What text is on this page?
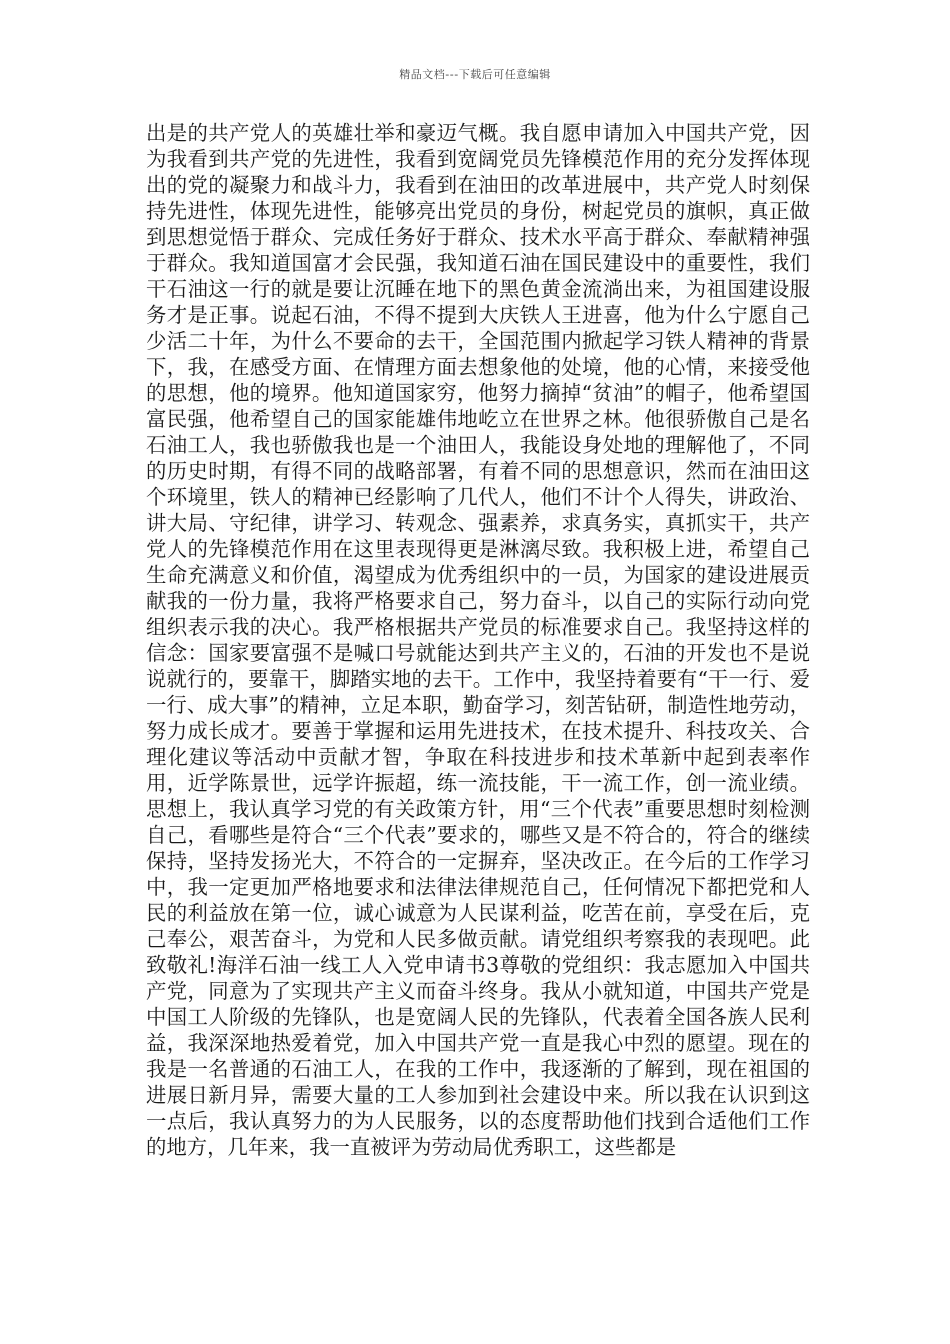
精品文档---下载后可任意编辑

出是的共产党人的英雄壮举和豪迈气概。我自愿申请加入中国共产党，因为我看到共产党的先进性，我看到宽阔党员先锋模范作用的充分发挥体现出的党的凝聚力和战斗力，我看到在油田的改革进展中，共产党人时刻保持先进性，体现先进性，能够亮出党员的身份，树起党员的旗帜，真正做到思想觉悟于群众、完成任务好于群众、技术水平高于群众、奉献精神强于群众。我知道国富才会民强，我知道石油在国民建设中的重要性，我们干石油这一行的就是要让沉睡在地下的黑色黄金流淌出来，为祖国建设服务才是正事。说起石油，不得不提到大庆铁人王进喜，他为什么宁愿自己少活二十年，为什么不要命的去干，全国范围内掀起学习铁人精神的背景下，我，在感受方面、在情理方面去想象他的处境，他的心情，来接受他的思想，他的境界。他知道国家穷，他努力摘掉“贫油”的帽子，他希望国富民强，他希望自己的国家能雄伟地屹立在世界之林。他很骄傲自己是名石油工人，我也骄傲我也是一个油田人，我能设身处地的理解他了，不同的历史时期，有得不同的战略部署，有着不同的思想意识，然而在油田这个环境里，铁人的精神已经影响了几代人，他们不计个人得失，讲政治、讲大局、守纪律，讲学习、转观念、强素养，求真务实，真抓实干，共产党人的先锋模范作用在这里表现得更是淋漓尽致。我积极上进，希望自己生命充满意义和价值，渴望成为优秀组织中的一员，为国家的建设进展贡献我的一份力量，我将严格要求自己，努力奋斗，以自己的实际行动向党组织表示我的决心。我严格根据共产党员的标准要求自己。我坚持这样的信念：国家要富强不是喊口号就能达到共产主义的，石油的开发也不是说说就行的，要靠干，脚踏实地的去干。工作中，我坚持着要有“干一行、爱一行、成大事”的精神，立足本职，勤奋学习，刻苦钻研，制造性地劳动，努力成长成才。要善于掌握和运用先进技术，在技术提升、科技攻关、合理化建议等活动中贡献才智，争取在科技进步和技术革新中起到表率作用，近学陈景世，远学许振超，练一流技能，干一流工作，创一流业绩。思想上，我认真学习党的有关政策方针，用“三个代表”重要思想时刻检测自己，看哪些是符合“三个代表”要求的，哪些又是不符合的，符合的继续保持，坚持发扬光大，不符合的一定摒弃，坚决改正。在今后的工作学习中，我一定更加严格地要求和法律法律规范自己，任何情况下都把党和人民的利益放在第一位，诚心诚意为人民谋利益，吃苦在前，享受在后，克己奉公，艰苦奋斗，为党和人民多做贡献。请党组织考察我的表现吧。此致敬礼!海洋石油一线工人入党申请书3尊敬的党组织：我志愿加入中国共产党，同意为了实现共产主义而奋斗终身。我从小就知道，中国共产党是中国工人阶级的先锋队，也是宽阔人民的先锋队，代表着全国各族人民利益，我深深地热爱着党，加入中国共产党一直是我心中烈的愿望。现在的我是一名普通的石油工人，在我的工作中，我逐渐的了解到，现在祖国的进展日新月异，需要大量的工人参加到社会建设中来。所以我在认识到这一点后，我认真努力的为人民服务，以的态度帮助他们找到合适他们工作的地方，几年来，我一直被评为劳动局优秀职工，这些都是
